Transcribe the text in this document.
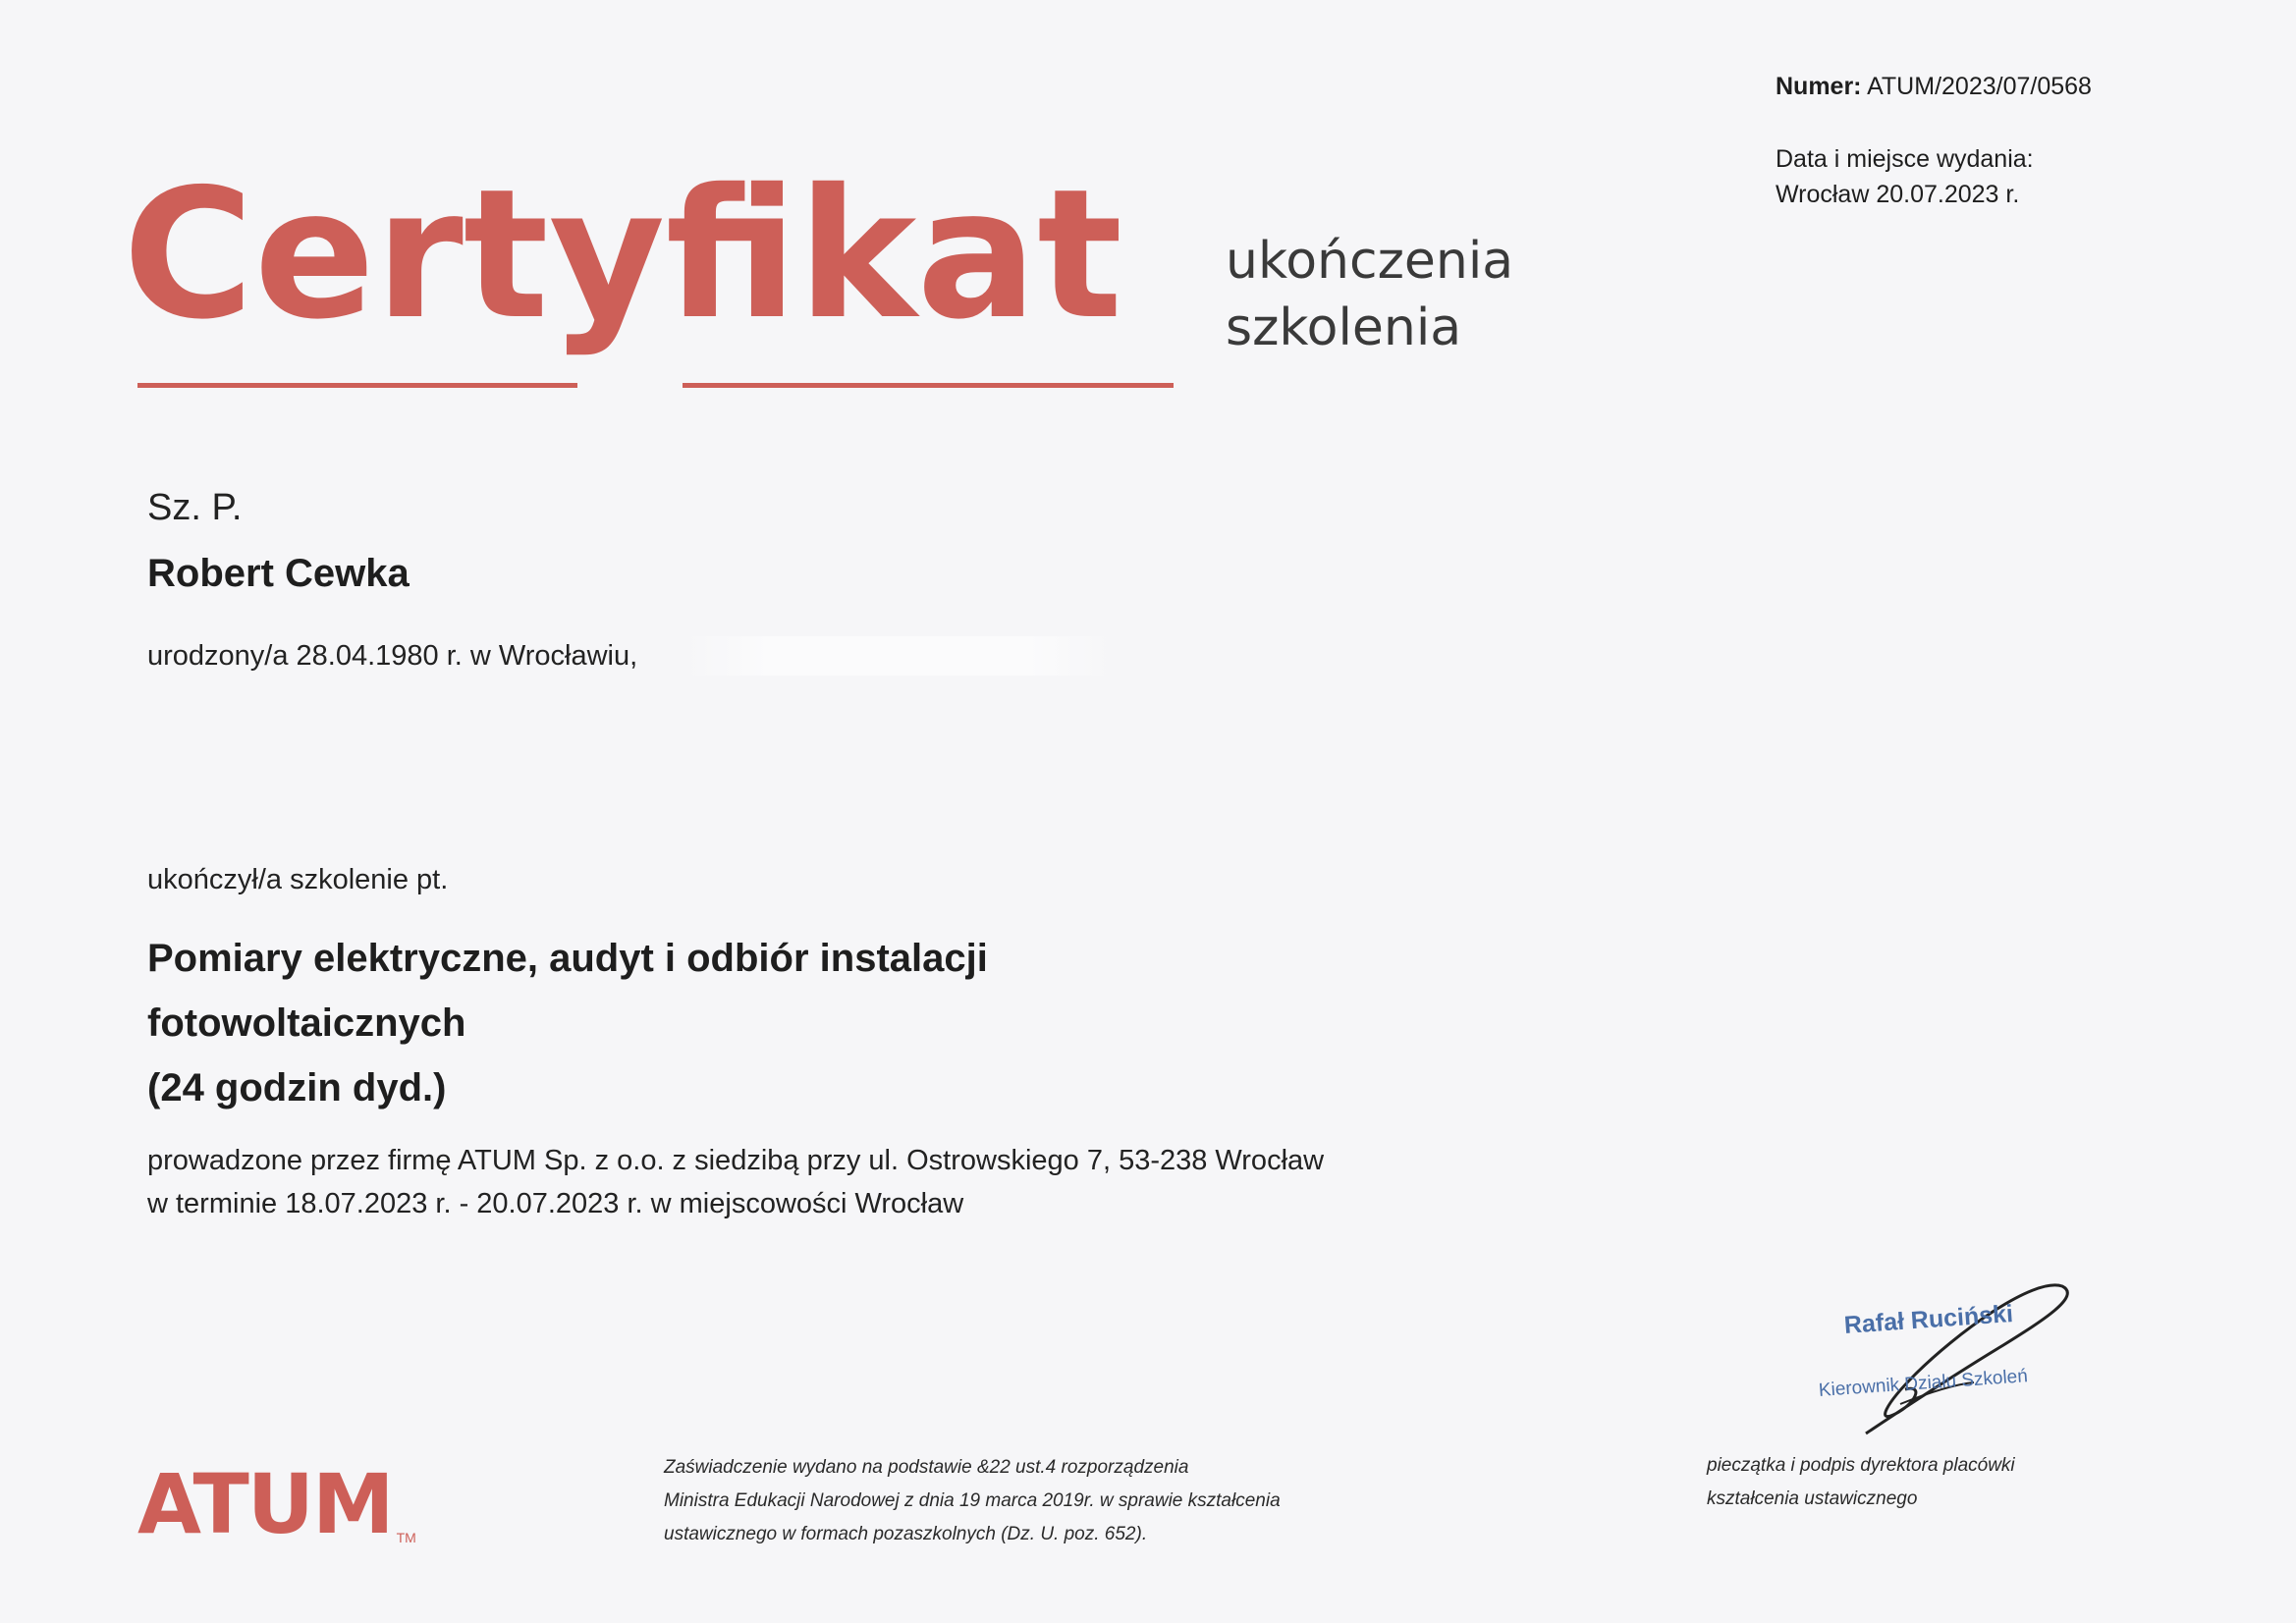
Numer: ATUM/2023/07/0568
Data i miejsce wydania:
Wrocław 20.07.2023 r.
Certyfikat ukończenia
szkolenia
Sz. P.
Robert Cewka
urodzony/a 28.04.1980 r. w Wrocławiu,
ukończył/a szkolenie pt.
Pomiary elektryczne, audyt i odbiór instalacji
fotowoltaicznych
(24 godzin dyd.)
prowadzone przez firmę ATUM Sp. z o.o. z siedzibą przy ul. Ostrowskiego 7, 53-238 Wrocław
w terminie 18.07.2023 r. - 20.07.2023 r. w miejscowości Wrocław
ATUM TM
Zaświadczenie wydano na podstawie &22 ust.4 rozporządzenia
Ministra Edukacji Narodowej z dnia 19 marca 2019r. w sprawie kształcenia
ustawicznego w formach pozaszkolnych (Dz. U. poz. 652).
Rafał Ruciński
Kierownik Działu Szkoleń
pieczątka i podpis dyrektora placówki
kształcenia ustawicznego
